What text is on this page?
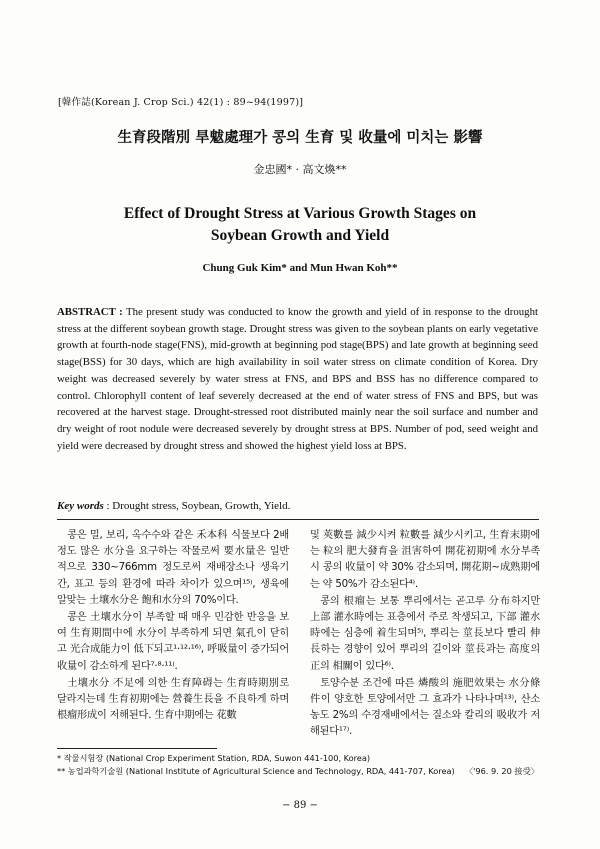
[韓作誌(Korean J. Crop Sci.) 42(1) : 89~94(1997)]
生育段階別 旱魃處理가 콩의 生育 및 收量에 미치는 影響
金忠國* · 高文煥**
Effect of Drought Stress at Various Growth Stages on
Soybean Growth and Yield
Chung Guk Kim* and Mun Hwan Koh**
ABSTRACT : The present study was conducted to know the growth and yield of in response to the drought stress at the different soybean growth stage. Drought stress was given to the soybean plants on early vegetative growth at fourth-node stage(FNS), mid-growth at beginning pod stage(BPS) and late growth at beginning seed stage(BSS) for 30 days, which are high availability in soil water stress on climate condition of Korea. Dry weight was decreased severely by water stress at FNS, and BPS and BSS has no difference compared to control. Chlorophyll content of leaf severely decreased at the end of water stress of FNS and BPS, but was recovered at the harvest stage. Drought-stressed root distributed mainly near the soil surface and number and dry weight of root nodule were decreased severely by drought stress at BPS. Number of pod, seed weight and yield were decreased by drought stress and showed the highest yield loss at BPS.
Key words : Drought stress, Soybean, Growth, Yield.

콩은 밀, 보리, 옥수수와 같은 禾本科 식물보다 2배 정도 많은 水分을 요구하는 작물로써 要水量은 일반적으로 330~766mm 정도로써 재배장소나 생육기간, 표고 등의 환경에 따라 차이가 있으며¹⁵⁾, 생육에 알맞는 土壤水分은 飽和水分의 70%이다.

콩은 土壤水分이 부족할 때 매우 민감한 반응을 보여 生育期間中에 水分이 부족하게 되면 氣孔이 닫히고 光合成能力이 低下되고¹·¹²·¹⁶⁾, 呼吸量이 증가되어 收量이 감소하게 된다⁷·⁸·¹¹⁾.

土壤水分 不足에 의한 生育障碍는 生育時期別로 달라지는데 生育初期에는 營養生長을 不良하게 하며 根瘤形成이 저해된다. 生育中期에는 花數

및 莢數를 減少시켜 粒數를 減少시키고, 生育末期에는 粒의 肥大發育을 沮害하여 開花初期에 水分부족시 콩의 收量이 약 30% 감소되며, 開花期~成熟期에는 약 50%가 감소된다⁴⁾.

콩의 根瘤는 보통 뿌리에서는 곧고루 分布하지만 上部 灌水時에는 표층에서 주로 착생되고, 下部 灌水時에는 심층에 着生되며⁵⁾, 뿌리는 莖長보다 빨리 伸長하는 경향이 있어 뿌리의 길이와 莖長과는 高度의 正의 相關이 있다⁶⁾.

토양수분 조건에 따른 燐酸의 施肥效果는 水分條件이 양호한 토양에서만 그 효과가 나타나며¹³⁾, 산소농도 2%의 수경재배에서는 질소와 칼리의 吸收가 저해된다¹⁷⁾.

* 작물시험장 (National Crop Experiment Station, RDA, Suwon 441-100, Korea)
** 농업과학기술원 (National Institute of Agricultural Science and Technology, RDA, 441-707, Korea) 〈'96. 9. 20 接受〉
− 89 −
